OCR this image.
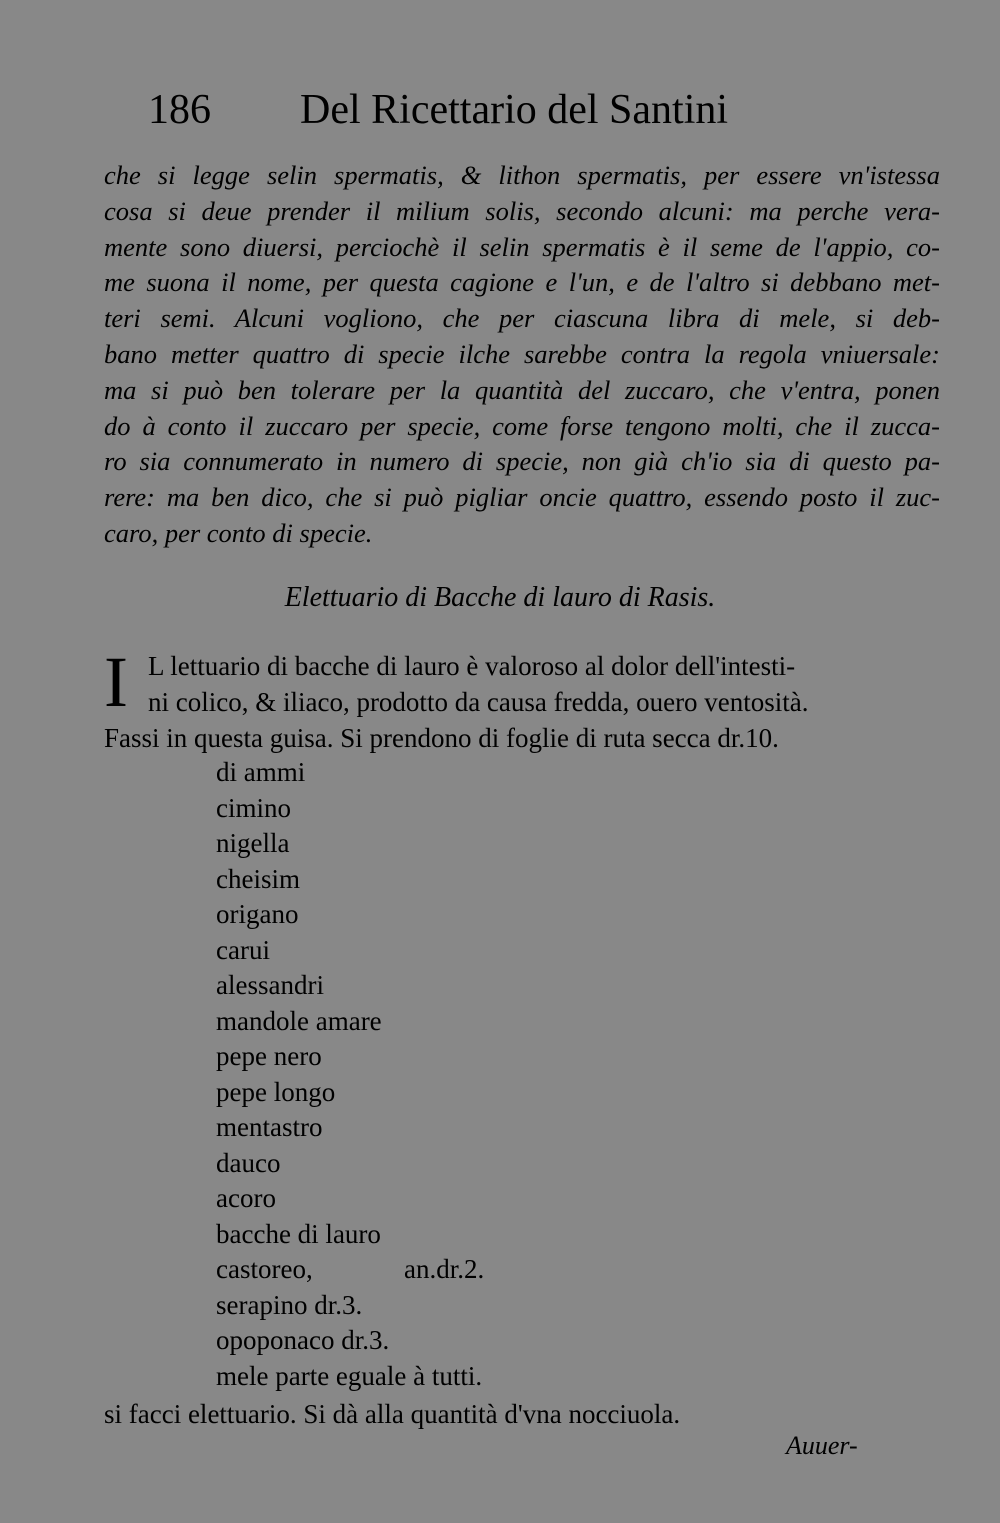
186 Del Ricettario del Santini
che si legge selin spermatis, & lithon spermatis, per essere vn'istessa
cosa si deue prender il milium solis, secondo alcuni: ma perche vera-
mente sono diuersi, perciochè il selin spermatis è il seme de l'appio, co-
me suona il nome, per questa cagione e l'un, e de l'altro si debbano met-
teri semi. Alcuni vogliono, che per ciascuna libra di mele, si deb-
bano metter quattro di specie ilche sarebbe contra la regola vniuersale:
ma si può ben tolerare per la quantità del zuccaro, che v'entra, ponen
do à conto il zuccaro per specie, come forse tengono molti, che il zucca-
ro sia connumerato in numero di specie, non già ch'io sia di questo pa-
rere: ma ben dico, che si può pigliar oncie quattro, essendo posto il zuc-
caro, per conto di specie.
Elettuario di Bacche di lauro di Rasis.
I L lettuario di bacche di lauro è valoroso al dolor dell'intesti-
ni colico, & iliaco, prodotto da causa fredda, ouero ventosità.
Fassi in questa guisa. Si prendono di foglie di ruta secca dr.10.
di ammi
cimino
nigella
cheisim
origano
carui
alessandri
mandole amare
pepe nero
pepe longo
mentastro
dauco
acoro
bacche di lauro
castoreo,	an.dr.2.
serapino dr.3.
opoponaco dr.3.
mele parte eguale à tutti.
si facci elettuario. Si dà alla quantità d'vna nocciuola.
Auuer-
